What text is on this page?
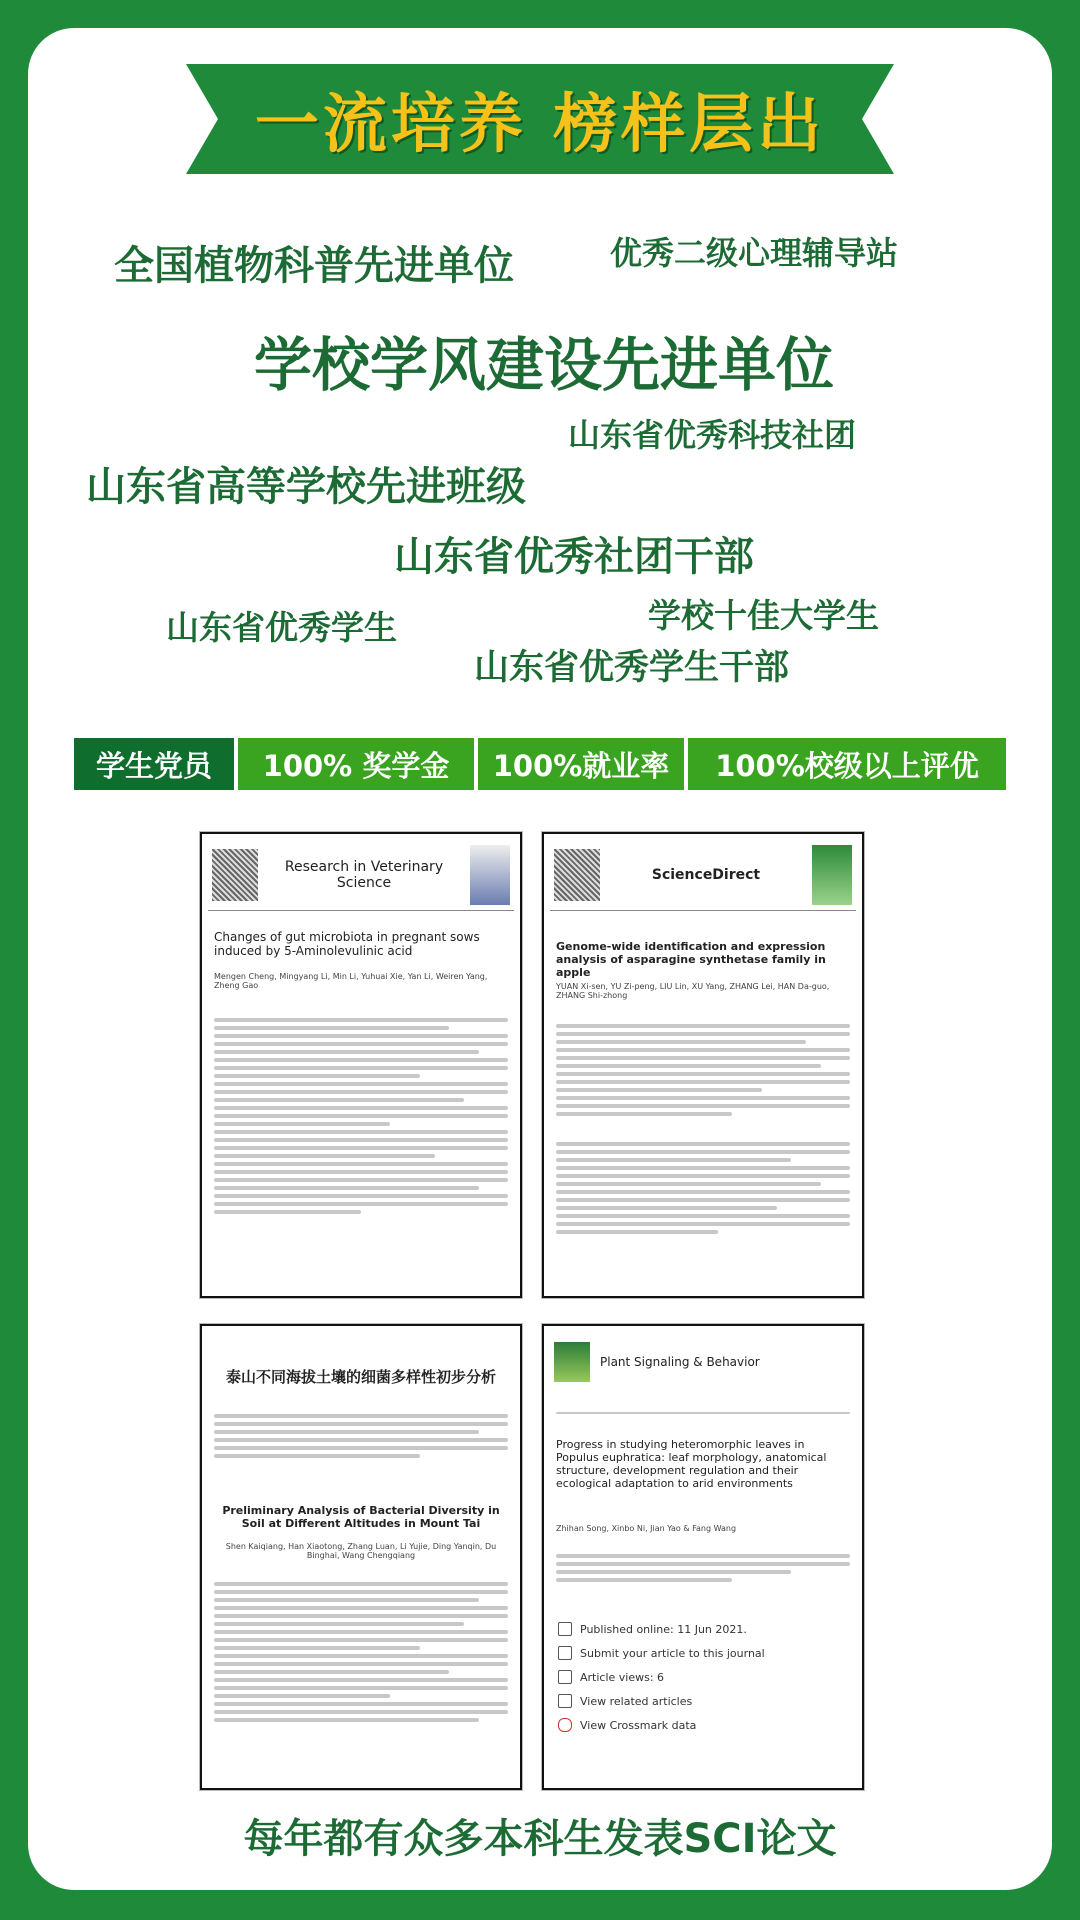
一流培养 榜样层出
全国植物科普先进单位	优秀二级心理辅导站
学校学风建设先进单位
山东省优秀科技社团
山东省高等学校先进班级
山东省优秀社团干部
学校十佳大学生
山东省优秀学生
山东省优秀学生干部
学生党员	100% 奖学金	100%就业率	100%校级以上评优
Research in Veterinary Science
Changes of gut microbiota in pregnant sows induced by 5-Aminolevulinic acid
Mengen Cheng, Mingyang Li, Min Li, Yuhuai Xie, Yan Li, Weiren Yang, Zheng Gao
ScienceDirect
Genome-wide identification and expression analysis of asparagine synthetase family in apple
YUAN Xi-sen, YU Zi-peng, LIU Lin, XU Yang, ZHANG Lei, HAN Da-guo, ZHANG Shi-zhong
泰山不同海拔土壤的细菌多样性初步分析
Preliminary Analysis of Bacterial Diversity in Soil at Different Altitudes in Mount Tai
Shen Kaiqiang, Han Xiaotong, Zhang Luan, Li Yujie, Ding Yanqin, Du Binghai, Wang Chengqiang
Plant Signaling & Behavior
Progress in studying heteromorphic leaves in Populus euphratica: leaf morphology, anatomical structure, development regulation and their ecological adaptation to arid environments
Zhihan Song, Xinbo Ni, Jian Yao & Fang Wang
Published online: 11 Jun 2021.
Submit your article to this journal
Article views: 6
View related articles
View Crossmark data
每年都有众多本科生发表SCI论文
